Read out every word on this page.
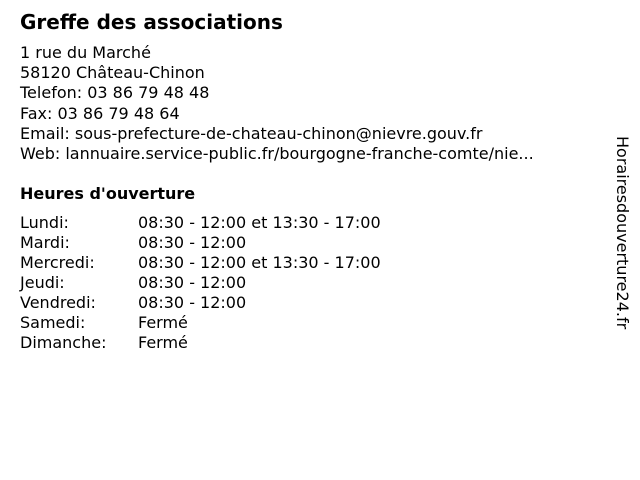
Greffe des associations
1 rue du Marché
58120 Château-Chinon
Telefon: 03 86 79 48 48
Fax: 03 86 79 48 64
Email: sous-prefecture-de-chateau-chinon@nievre.gouv.fr
Web: lannuaire.service-public.fr/bourgogne-franche-comte/nie...
Heures d'ouverture
Lundi:	08:30 - 12:00 et 13:30 - 17:00
Mardi:	08:30 - 12:00
Mercredi:	08:30 - 12:00 et 13:30 - 17:00
Jeudi:	08:30 - 12:00
Vendredi:	08:30 - 12:00
Samedi:	Fermé
Dimanche: Fermé
Horairesdouverture24.fr
